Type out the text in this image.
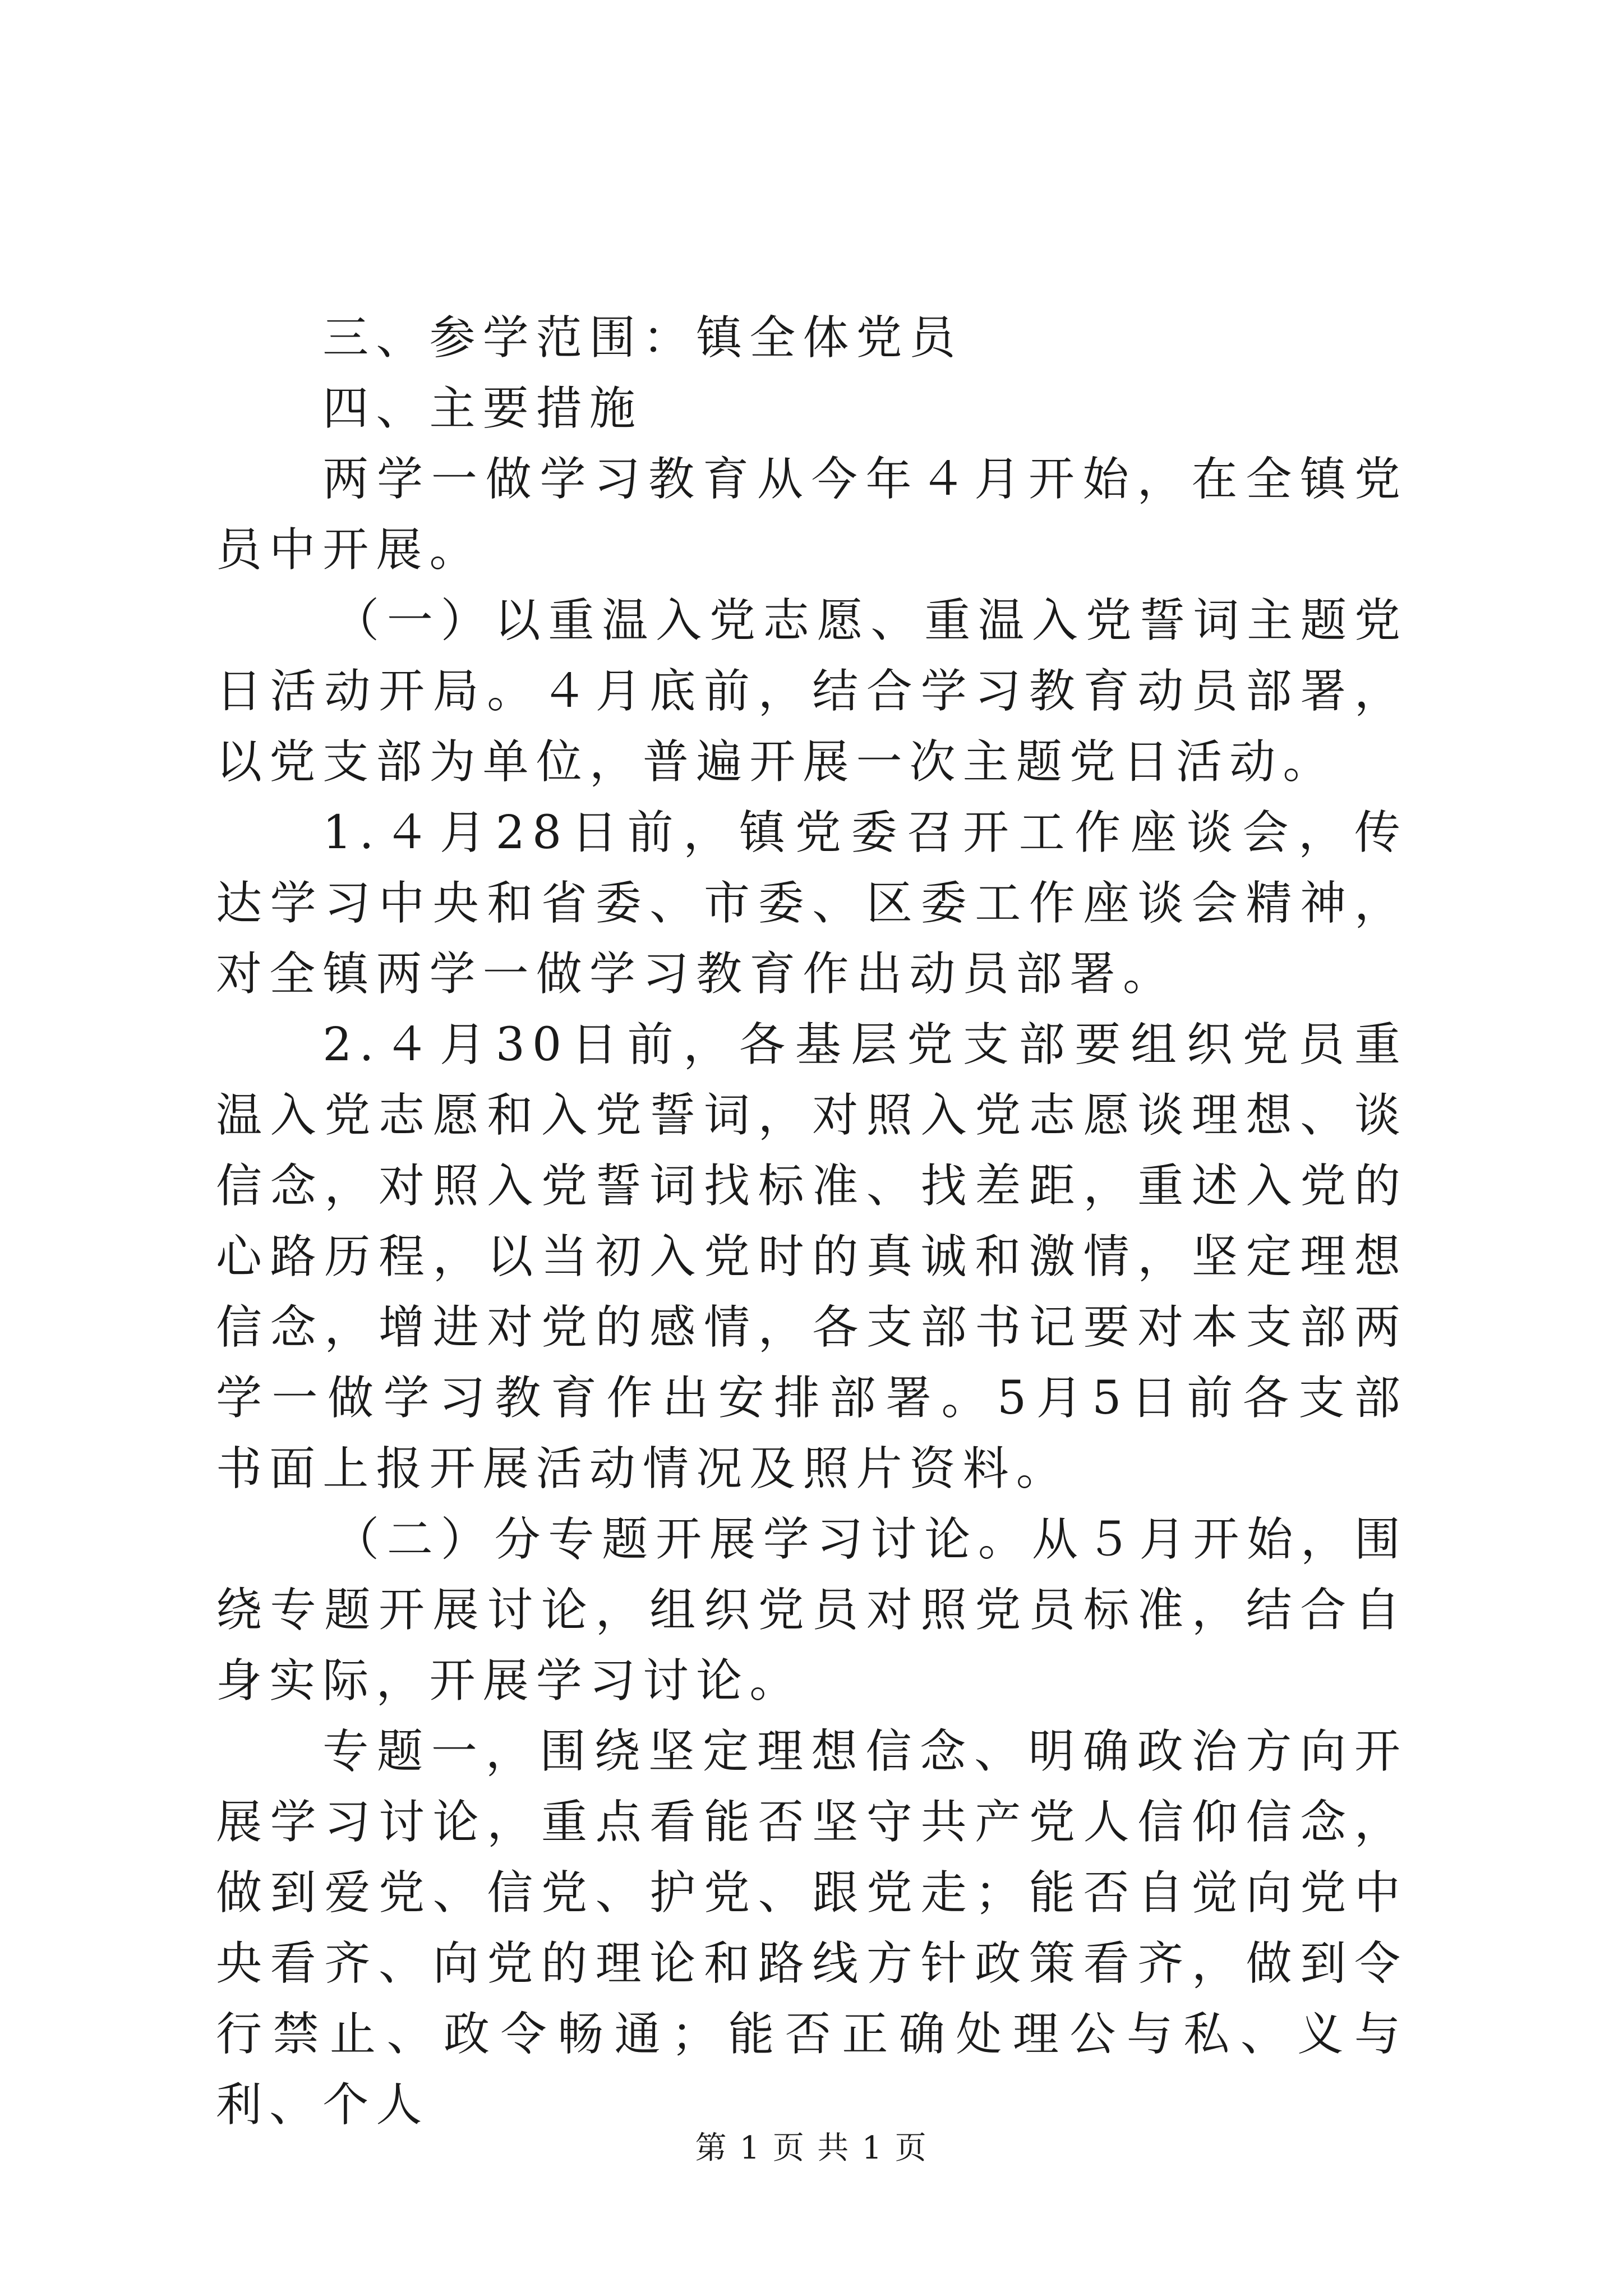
三、参学范围：镇全体党员

四、主要措施

两学一做学习教育从今年４月开始，在全镇党员中开展。

（一）以重温入党志愿、重温入党誓词主题党日活动开局。４月底前，结合学习教育动员部署，以党支部为单位，普遍开展一次主题党日活动。

1.４月28日前，镇党委召开工作座谈会，传达学习中央和省委、市委、区委工作座谈会精神，对全镇两学一做学习教育作出动员部署。

2.４月30日前，各基层党支部要组织党员重温入党志愿和入党誓词，对照入党志愿谈理想、谈信念，对照入党誓词找标准、找差距，重述入党的心路历程，以当初入党时的真诚和激情，坚定理想信念，增进对党的感情，各支部书记要对本支部两学一做学习教育作出安排部署。5月5日前各支部书面上报开展活动情况及照片资料。

（二）分专题开展学习讨论。从５月开始，围绕专题开展讨论，组织党员对照党员标准，结合自身实际，开展学习讨论。

专题一，围绕坚定理想信念、明确政治方向开展学习讨论，重点看能否坚守共产党人信仰信念，做到爱党、信党、护党、跟党走；能否自觉向党中央看齐、向党的理论和路线方针政策看齐，做到令行禁止、政令畅通；能否正确处理公与私、义与利、个人

第 1 页 共 1 页
